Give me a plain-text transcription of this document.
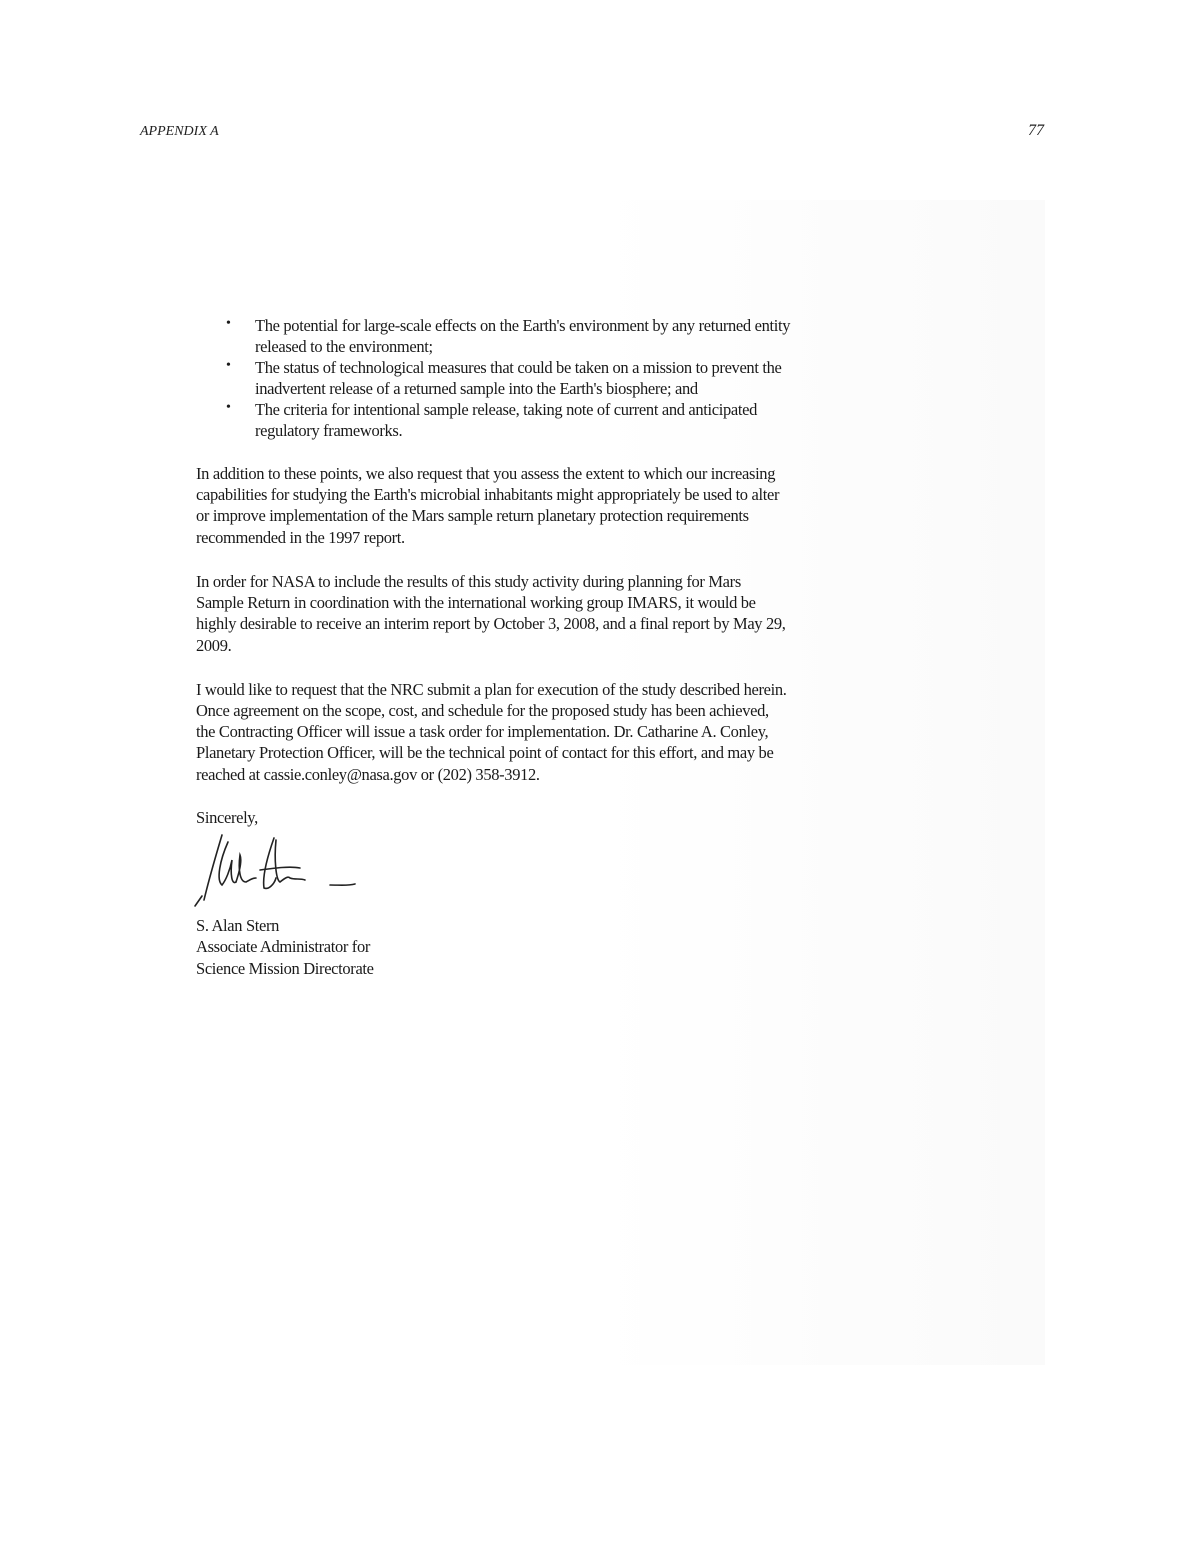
APPENDIX A	77
• The potential for large-scale effects on the Earth's environment by any returned entity
released to the environment;
• The status of technological measures that could be taken on a mission to prevent the
inadvertent release of a returned sample into the Earth's biosphere; and
• The criteria for intentional sample release, taking note of current and anticipated
regulatory frameworks.
In addition to these points, we also request that you assess the extent to which our increasing
capabilities for studying the Earth's microbial inhabitants might appropriately be used to alter
or improve implementation of the Mars sample return planetary protection requirements
recommended in the 1997 report.
In order for NASA to include the results of this study activity during planning for Mars
Sample Return in coordination with the international working group IMARS, it would be
highly desirable to receive an interim report by October 3, 2008, and a final report by May 29,
2009.
I would like to request that the NRC submit a plan for execution of the study described herein.
Once agreement on the scope, cost, and schedule for the proposed study has been achieved,
the Contracting Officer will issue a task order for implementation. Dr. Catharine A. Conley,
Planetary Protection Officer, will be the technical point of contact for this effort, and may be
reached at cassie.conley@nasa.gov or (202) 358-3912.
Sincerely,
S. Alan Stern
Associate Administrator for
Science Mission Directorate
